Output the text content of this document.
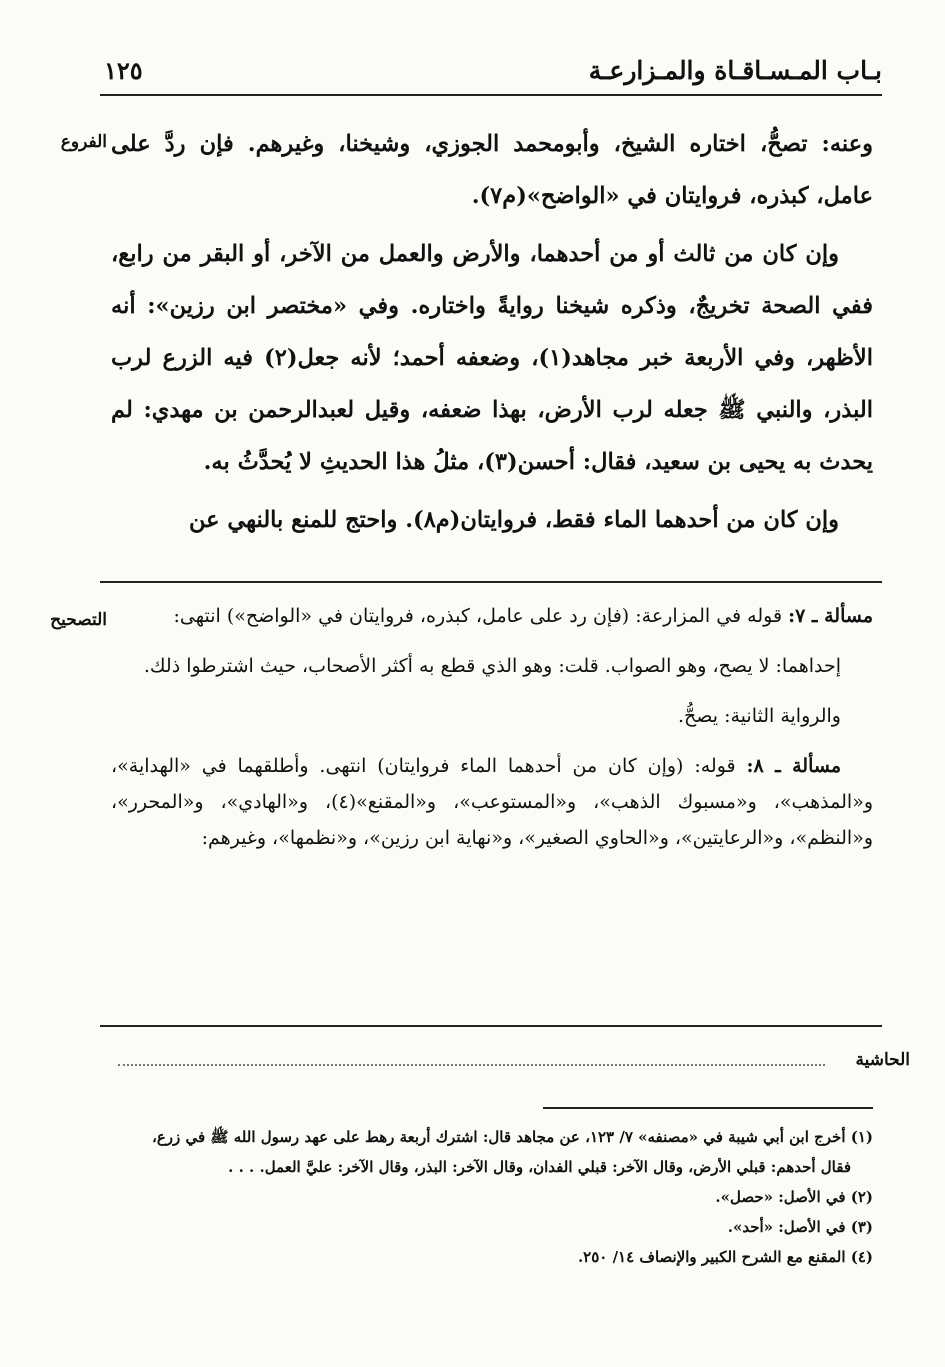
بـاب المـسـاقـاة والمـزارعـة
١٢٥
الفروع وعنه: تصحُّ، اختاره الشيخ، وأبومحمد الجوزي، وشيخنا، وغيرهم. فإن ردَّ على عامل، كبذره، فروايتان في «الواضح»(م٧).

وإن كان من ثالث أو من أحدهما، والأرض والعمل من الآخر، أو البقر من رابع، ففي الصحة تخريجٌ، وذكره شيخنا روايةً واختاره. وفي «مختصر ابن رزين»: أنه الأظهر، وفي الأربعة خبر مجاهد(١)، وضعفه أحمد؛ لأنه جعل(٢) فيه الزرع لرب البذر، والنبي ﷺ جعله لرب الأرض، بهذا ضعفه، وقيل لعبدالرحمن بن مهدي: لم يحدث به يحيى بن سعيد، فقال: أحسن(٣)، مثلُ هذا الحديثِ لا يُحدَّثُ به.

وإن كان من أحدهما الماء فقط، فروايتان(م٨). واحتج للمنع بالنهي عن

التصحيح	مسألة ـ ٧: قوله في المزارعة: (فإن رد على عامل، كبذره، فروايتان في «الواضح») انتهى:

إحداهما: لا يصح، وهو الصواب. قلت: وهو الذي قطع به أكثر الأصحاب، حيث اشترطوا ذلك.

والرواية الثانية: يصحُّ.

مسألة ـ ٨: قوله: (وإن كان من أحدهما الماء فروايتان) انتهى. وأطلقهما في «الهداية»، و«المذهب»، و«مسبوك الذهب»، و«المستوعب»، و«المقنع»(٤)، و«الهادي»، و«المحرر»، و«النظم»، و«الرعايتين»، و«الحاوي الصغير»، و«نهاية ابن رزين»، و«نظمها»، وغيرهم:

الحاشية

(١) أخرج ابن أبي شيبة في «مصنفه» ٧/ ١٢٣، عن مجاهد قال: اشترك أربعة رهط على عهد رسول الله ﷺ في زرع،

فقال أحدهم: قبلي الأرض، وقال الآخر: قبلي الفدان، وقال الآخر: البذر، وقال الآخر: عليَّ العمل. . . .

(٢) في الأصل: «حصل».

(٣) في الأصل: «أحد».

(٤) المقنع مع الشرح الكبير والإنصاف ١٤/ ٢٥٠.
